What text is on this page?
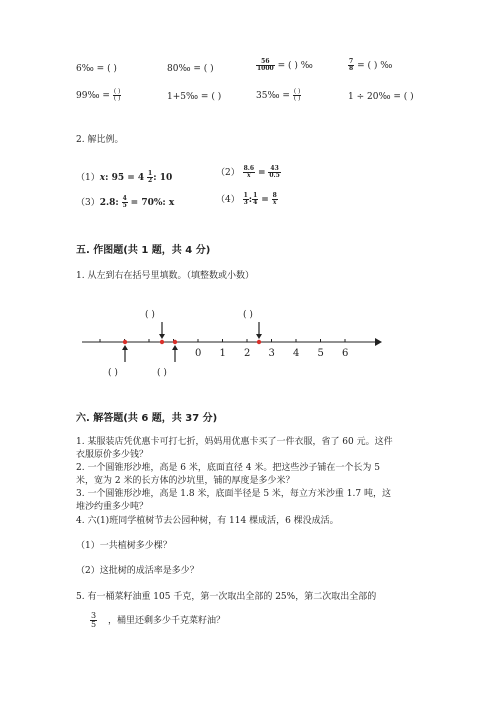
6‰ = ( )	80‰ = ( )	$\frac{56}{1000}$ = ( ) ‰	$\frac{7}{8}$ = ( ) ‰
99‰ = $\frac{( )}{( )}$	1+5‰ = ( )	35‰ = $\frac{( )}{( )}$	1 ÷ 20‰ = ( )
2. 解比例。
（1）x: $95 = 4 \frac{1}{2}$ : 10	$(2) \frac{8.6}{x} = \frac{43}{0.5}$
（3）2.8: $\frac{4}{5} = 70\%$: x	$(4) \frac{1}{3}$ : $\frac{1}{4} = \frac{8}{x}$
五. 作图题(共 1 题，共 4 分)
1. 从左到右在括号里填数。（填整数或小数）
0 1 2 3 4 5 6
( )	( )
( )	( )
六. 解答题(共 6 题，共 37 分)
1. 某服装店凭优惠卡可打七折，妈妈用优惠卡买了一件衣服，省了 60 元。这件
衣服原价多少钱？
2. 一个圆锥形沙堆，高是 6 米，底面直径 4 米。把这些沙子铺在一个长为 5
米，宽为 2 米的长方体的沙坑里，铺的厚度是多少米？
3. 一个圆锥形沙堆，高是 1.8 米，底面半径是 5 米，每立方米沙重 1.7 吨，这
堆沙约重多少吨？
4. 六(1)班同学植树节去公园种树，有 114 棵成活，6 棵没成活。
（1）一共植树多少棵？
（2）这批树的成活率是多少？
5. 有一桶菜籽油重 105 千克，第一次取出全部的 25%，第二次取出全部的
$\frac{3}{5}$ ，桶里还剩多少千克菜籽油？
